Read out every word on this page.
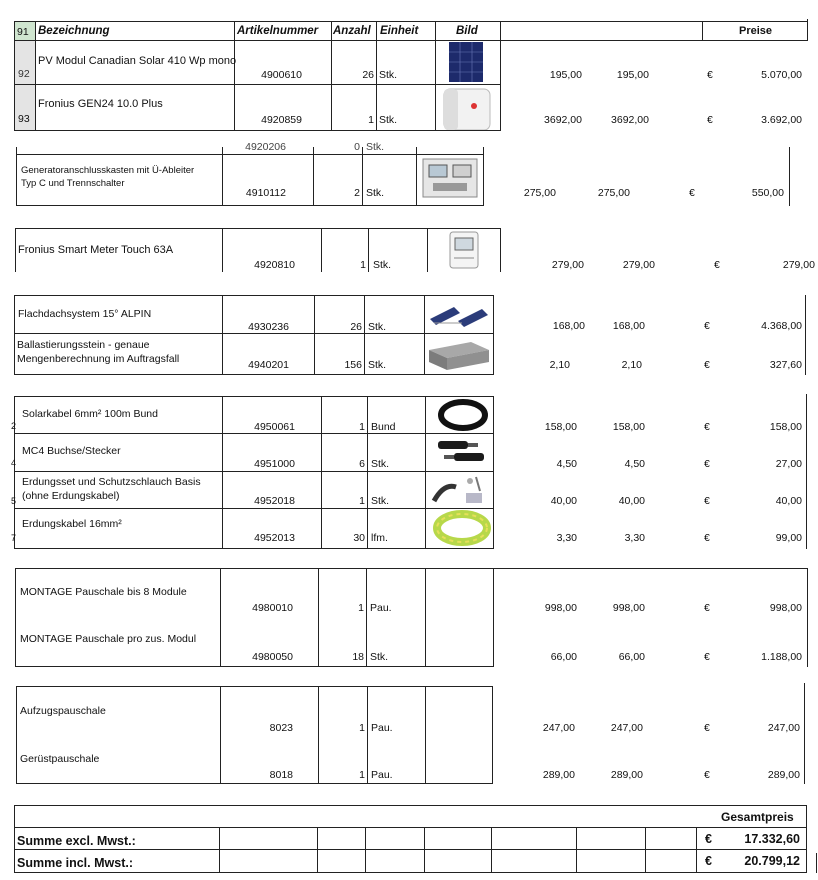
91 Bezeichnung	Artikelnummer Anzahl Einheit	Bild	Preise
92
PV Modul Canadian Solar 410 Wp mono
4900610	26 Stk.	195,00	195,00	€	5.070,00
93
Fronius GEN24 10.0 Plus
4920859	1 Stk.	3692,00	3692,00	€	3.692,00
4920206	0 Stk.
Generatoranschlusskasten mit Ü-Ableiter
Typ C und Trennschalter
4910112	2 Stk.	275,00	275,00	€	550,00
Fronius Smart Meter Touch 63A
4920810	1 Stk.	279,00	279,00	€	279,00
Flachdachsystem 15° ALPIN
4930236	26 Stk.	168,00	168,00	€	4.368,00
Ballastierungsstein - genaue
Mengenberechnung im Auftragsfall	4940201	156 Stk.	2,10	2,10	€	327,60
2
Solarkabel 6mm² 100m Bund
4950061	1 Bund	158,00	158,00	€	158,00
4
MC4 Buchse/Stecker
4951000	6 Stk.	4,50	4,50	€	27,00
5
Erdungsset und Schutzschlauch Basis
(ohne Erdungskabel)	4952018	1 Stk.	40,00	40,00	€	40,00
7
Erdungskabel 16mm²
4952013	30 lfm.	3,30	3,30	€	99,00
MONTAGE Pauschale bis 8 Module
4980010	1 Pau.	998,00	998,00	€	998,00
MONTAGE Pauschale pro zus. Modul
4980050	18 Stk.	66,00	66,00	€	1.188,00
Aufzugspauschale
8023	1 Pau.	247,00	247,00	€	247,00
Gerüstpauschale
8018	1 Pau.	289,00	289,00	€	289,00
Gesamtpreis
Summe excl. Mwst.:	€	17.332,60
Summe incl. Mwst.:	€	20.799,12
